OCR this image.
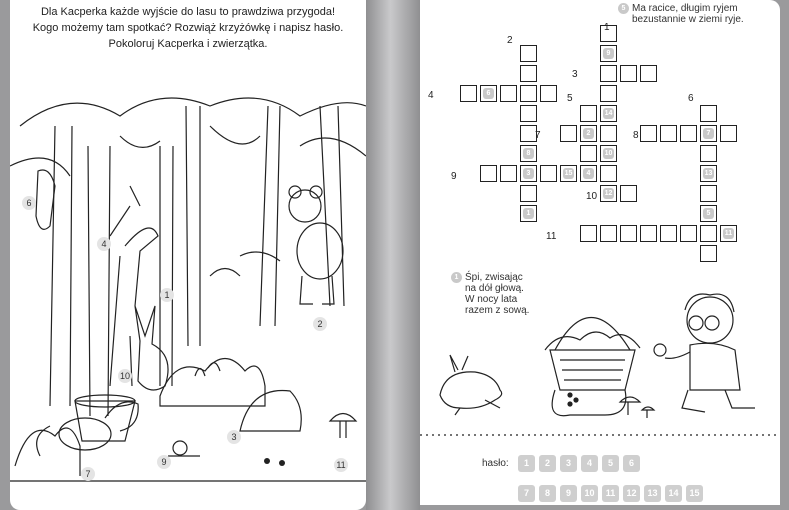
Dla Kacperka każde wyjście do lasu to prawdziwa przygoda!
Kogo możemy tam spotkać? Rozwiąż krzyżówkę i napisz hasło.
Pokoloruj Kacperka i zwierzątka.
6
4
2
10
3
9
7
11
1
5 Ma racice, długim ryjem
bezustannie w ziemi ryje.
9
14
10
12
6
8
3
1
2
4
15
7
13
5
11
2
1
3
4	5	6
7	8
9
10
11
1 Śpi, zwisając
na dół głową.
W nocy lata
razem z sową.
hasło:	1	2	3	4	5	6
7	8	9	10	11	12	13	14	15
